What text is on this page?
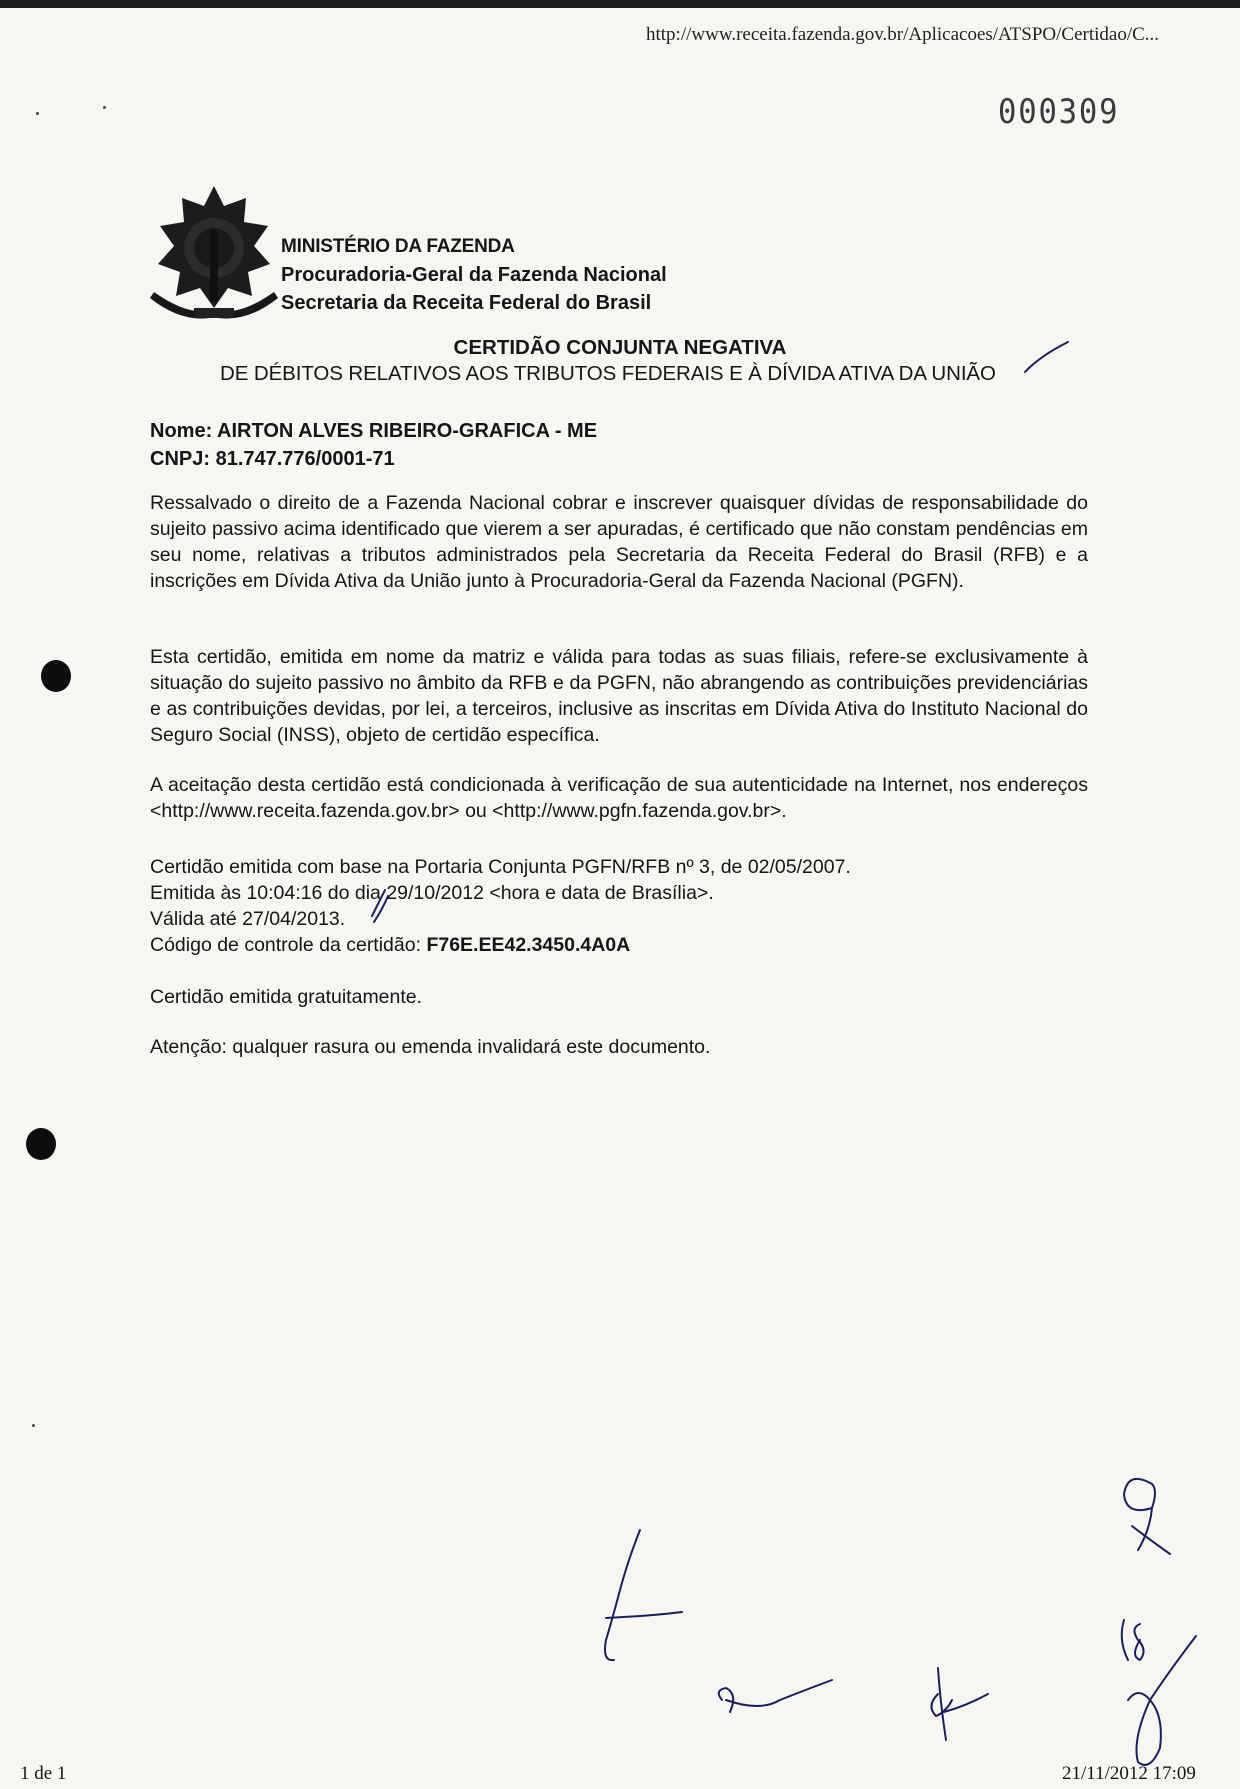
http://www.receita.fazenda.gov.br/Aplicacoes/ATSPO/Certidao/C...
000309
MINISTÉRIO DA FAZENDA
Procuradoria-Geral da Fazenda Nacional
Secretaria da Receita Federal do Brasil
CERTIDÃO CONJUNTA NEGATIVA
DE DÉBITOS RELATIVOS AOS TRIBUTOS FEDERAIS E À DÍVIDA ATIVA DA UNIÃO
Nome: AIRTON ALVES RIBEIRO-GRAFICA - ME
CNPJ: 81.747.776/0001-71
Ressalvado o direito de a Fazenda Nacional cobrar e inscrever quaisquer dívidas de responsabilidade do sujeito passivo acima identificado que vierem a ser apuradas, é certificado que não constam pendências em seu nome, relativas a tributos administrados pela Secretaria da Receita Federal do Brasil (RFB) e a inscrições em Dívida Ativa da União junto à Procuradoria-Geral da Fazenda Nacional (PGFN).
Esta certidão, emitida em nome da matriz e válida para todas as suas filiais, refere-se exclusivamente à situação do sujeito passivo no âmbito da RFB e da PGFN, não abrangendo as contribuições previdenciárias e as contribuições devidas, por lei, a terceiros, inclusive as inscritas em Dívida Ativa do Instituto Nacional do Seguro Social (INSS), objeto de certidão específica.
A aceitação desta certidão está condicionada à verificação de sua autenticidade na Internet, nos endereços <http://www.receita.fazenda.gov.br> ou <http://www.pgfn.fazenda.gov.br>.
Certidão emitida com base na Portaria Conjunta PGFN/RFB nº 3, de 02/05/2007.
Emitida às 10:04:16 do dia 29/10/2012 <hora e data de Brasília>.
Válida até 27/04/2013.
Código de controle da certidão: F76E.EE42.3450.4A0A
Certidão emitida gratuitamente.
Atenção: qualquer rasura ou emenda invalidará este documento.
1 de 1	21/11/2012 17:09
